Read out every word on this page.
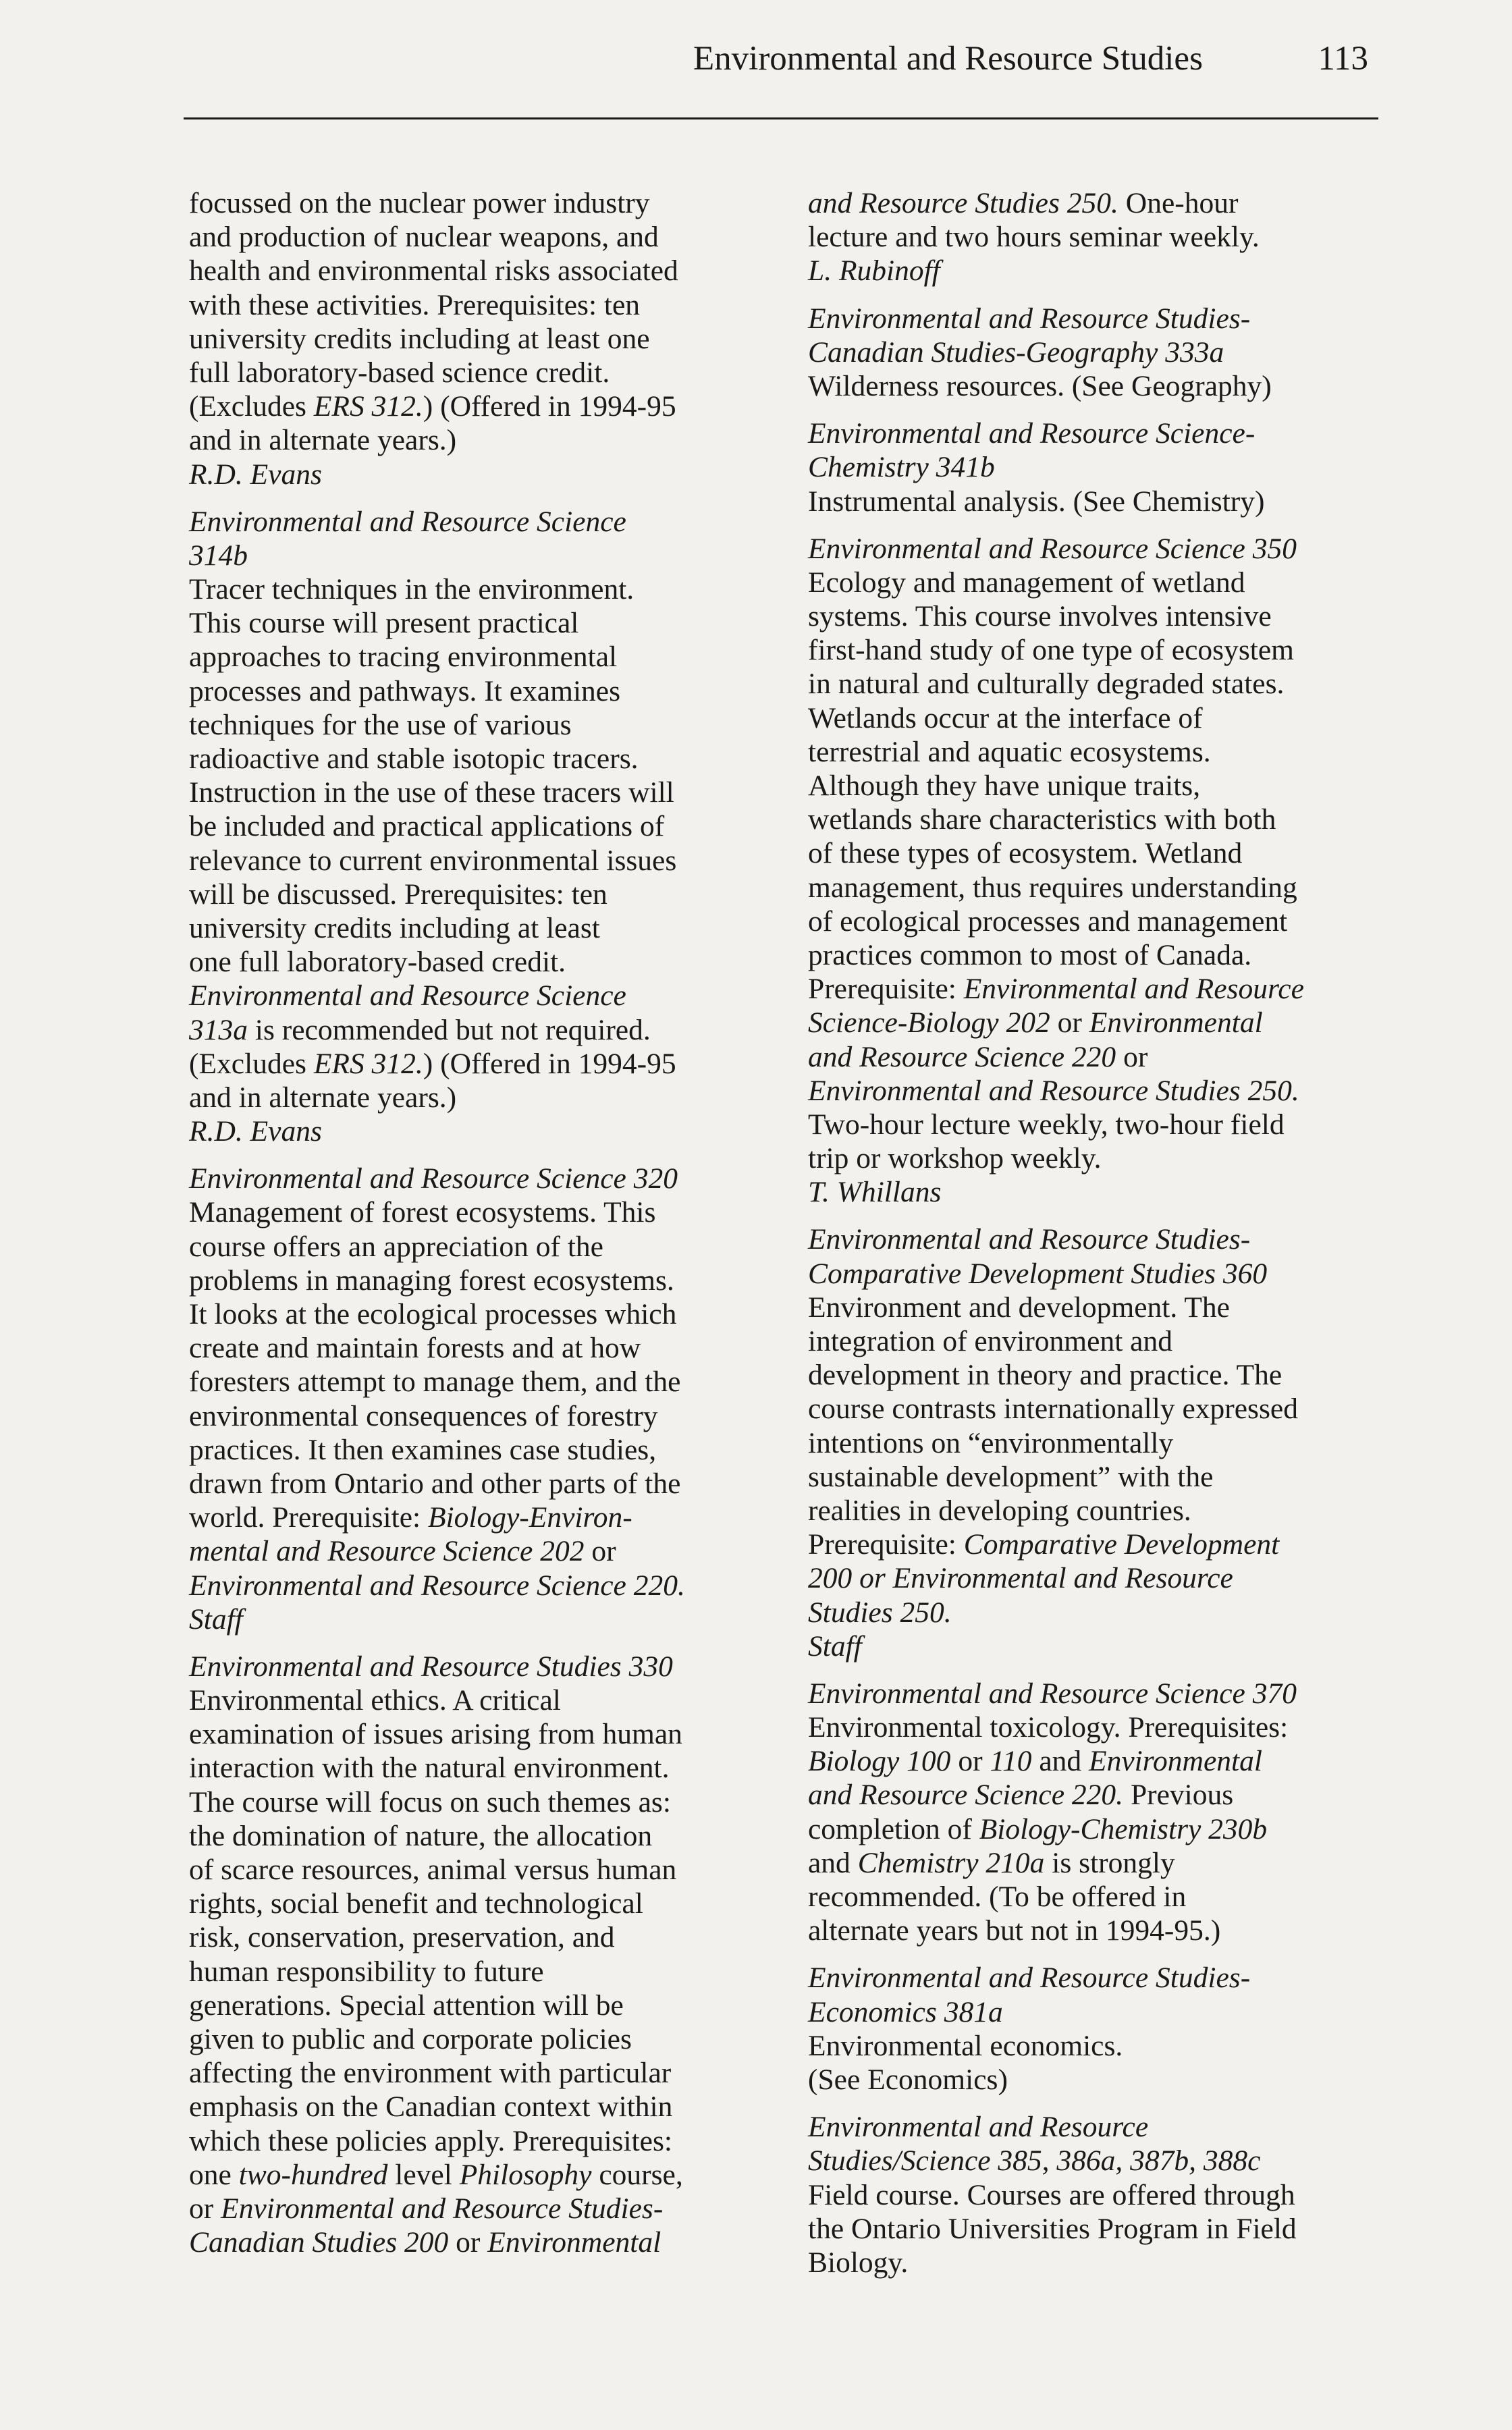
Environmental and Resource Studies	113
focussed on the nuclear power industry
and production of nuclear weapons, and
health and environmental risks associated
with these activities. Prerequisites: ten
university credits including at least one
full laboratory-based science credit.
(Excludes ERS 312.) (Offered in 1994-95
and in alternate years.)
R.D. Evans
Environmental and Resource Science
314b
Tracer techniques in the environment.
This course will present practical
approaches to tracing environmental
processes and pathways. It examines
techniques for the use of various
radioactive and stable isotopic tracers.
Instruction in the use of these tracers will
be included and practical applications of
relevance to current environmental issues
will be discussed. Prerequisites: ten
university credits including at least
one full laboratory-based credit.
Environmental and Resource Science
313a is recommended but not required.
(Excludes ERS 312.) (Offered in 1994-95
and in alternate years.)
R.D. Evans
Environmental and Resource Science 320
Management of forest ecosystems. This
course offers an appreciation of the
problems in managing forest ecosystems.
It looks at the ecological processes which
create and maintain forests and at how
foresters attempt to manage them, and the
environmental consequences of forestry
practices. It then examines case studies,
drawn from Ontario and other parts of the
world. Prerequisite: Biology-Environ-
mental and Resource Science 202 or
Environmental and Resource Science 220.
Staff
Environmental and Resource Studies 330
Environmental ethics. A critical
examination of issues arising from human
interaction with the natural environment.
The course will focus on such themes as:
the domination of nature, the allocation
of scarce resources, animal versus human
rights, social benefit and technological
risk, conservation, preservation, and
human responsibility to future
generations. Special attention will be
given to public and corporate policies
affecting the environment with particular
emphasis on the Canadian context within
which these policies apply. Prerequisites:
one two-hundred level Philosophy course,
or Environmental and Resource Studies-
Canadian Studies 200 or Environmental
and Resource Studies 250. One-hour
lecture and two hours seminar weekly.
L. Rubinoff
Environmental and Resource Studies-
Canadian Studies-Geography 333a
Wilderness resources. (See Geography)
Environmental and Resource Science-
Chemistry 341b
Instrumental analysis. (See Chemistry)
Environmental and Resource Science 350
Ecology and management of wetland
systems. This course involves intensive
first-hand study of one type of ecosystem
in natural and culturally degraded states.
Wetlands occur at the interface of
terrestrial and aquatic ecosystems.
Although they have unique traits,
wetlands share characteristics with both
of these types of ecosystem. Wetland
management, thus requires understanding
of ecological processes and management
practices common to most of Canada.
Prerequisite: Environmental and Resource
Science-Biology 202 or Environmental
and Resource Science 220 or
Environmental and Resource Studies 250.
Two-hour lecture weekly, two-hour field
trip or workshop weekly.
T. Whillans
Environmental and Resource Studies-
Comparative Development Studies 360
Environment and development. The
integration of environment and
development in theory and practice. The
course contrasts internationally expressed
intentions on “environmentally
sustainable development” with the
realities in developing countries.
Prerequisite: Comparative Development
200 or Environmental and Resource
Studies 250.
Staff
Environmental and Resource Science 370
Environmental toxicology. Prerequisites:
Biology 100 or 110 and Environmental
and Resource Science 220. Previous
completion of Biology-Chemistry 230b
and Chemistry 210a is strongly
recommended. (To be offered in
alternate years but not in 1994-95.)
Environmental and Resource Studies-
Economics 381a
Environmental economics.
(See Economics)
Environmental and Resource
Studies/Science 385, 386a, 387b, 388c
Field course. Courses are offered through
the Ontario Universities Program in Field
Biology.
